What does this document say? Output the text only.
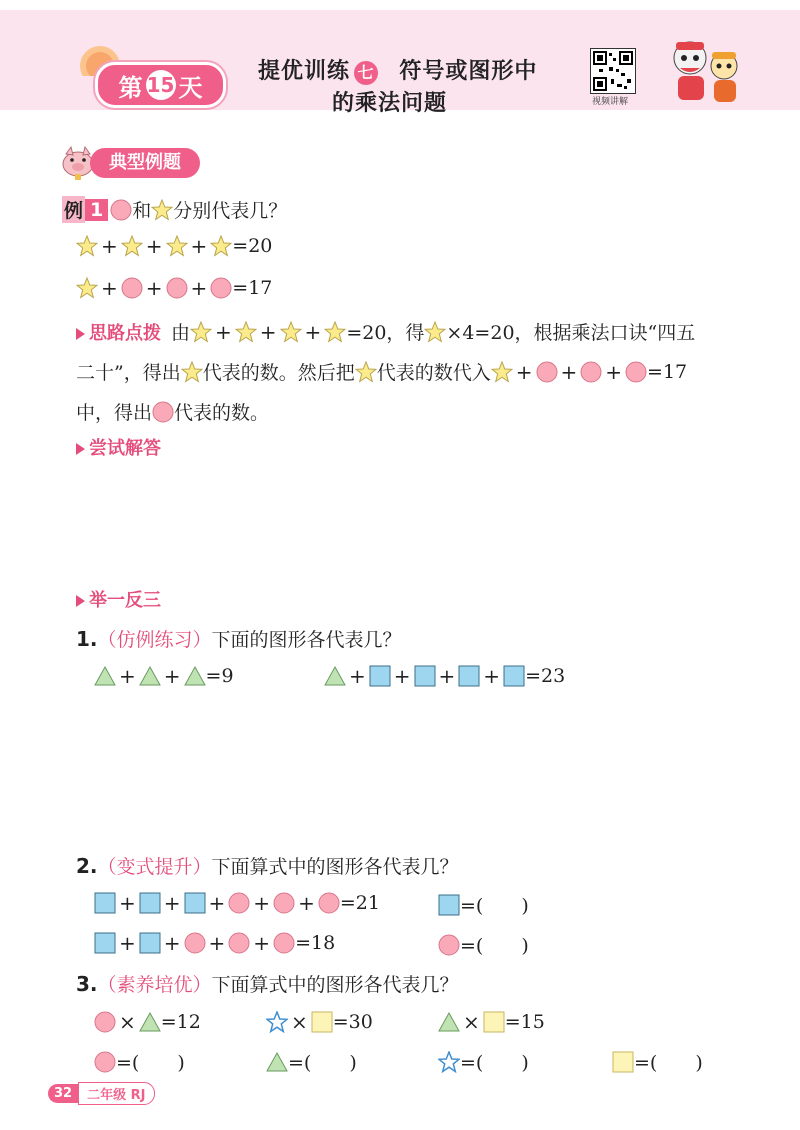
第 15 天
提优训练 七 符号或图形中
的乘法问题	视频讲解
典型例题
例 1 和 分别代表几？
+ + + =20
+ + + =17
思路点拨 由 + + + =20，得 ×4=20，根据乘法口诀“四五
二十”，得出 代表的数。然后把 代表的数代入 + + + =17
中，得出 代表的数。
尝试解答
举一反三
1. （仿例练习） 下面的图形各代表几？
+ + =9	+ + + + =23
2. （变式提升） 下面算式中的图形各代表几？
+ + + + + =21	=(　　)
+ + + + =18	=(　　)
3. （素养培优） 下面算式中的图形各代表几？
× =12	× =30	× =15
=(　　)	=(　　)	=(　　)	=(　　)
32	二年级 RJ
